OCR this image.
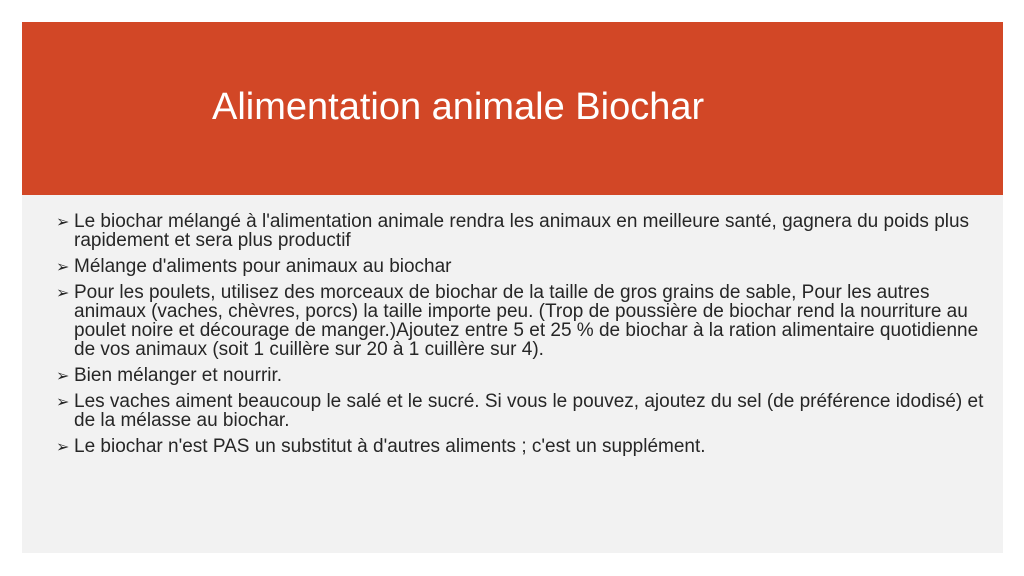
Alimentation animale Biochar
➢ Le biochar mélangé à l'alimentation animale rendra les animaux en meilleure santé, gagnera du poids plus rapidement et sera plus productif
➢ Mélange d'aliments pour animaux au biochar
➢ Pour les poulets, utilisez des morceaux de biochar de la taille de gros grains de sable, Pour les autres animaux (vaches, chèvres, porcs) la taille importe peu. (Trop de poussière de biochar rend la nourriture au poulet noire et décourage de manger.)Ajoutez entre 5 et 25 % de biochar à la ration alimentaire quotidienne de vos animaux (soit 1 cuillère sur 20 à 1 cuillère sur 4).
➢ Bien mélanger et nourrir.
➢ Les vaches aiment beaucoup le salé et le sucré. Si vous le pouvez, ajoutez du sel (de préférence idodisé) et de la mélasse au biochar.
➢ Le biochar n'est PAS un substitut à d'autres aliments ; c'est un supplément.
